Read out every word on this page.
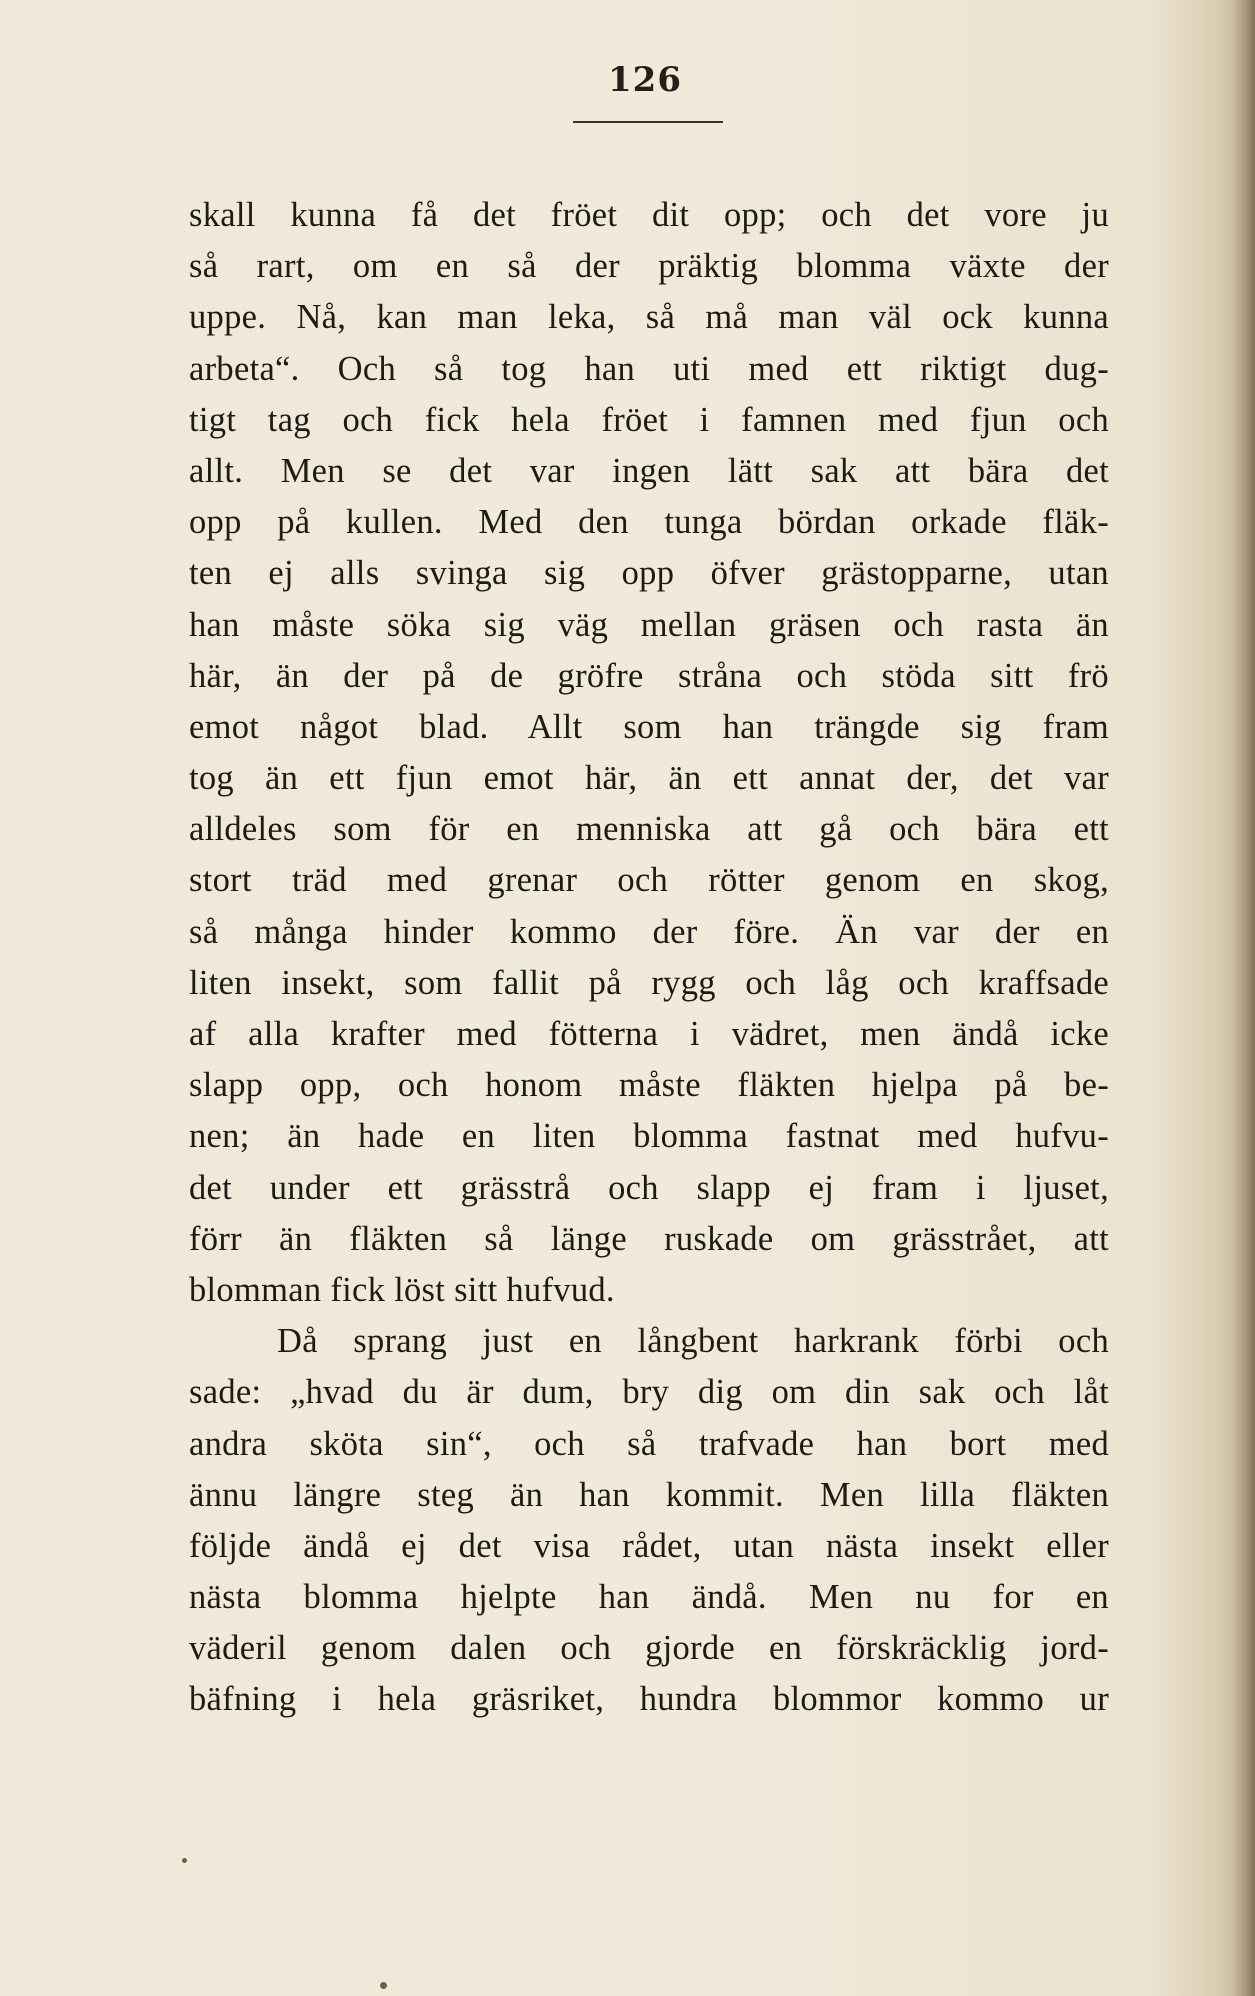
126
skall kunna få det fröet dit opp; och det vore ju
så rart, om en så der präktig blomma växte der
uppe. Nå, kan man leka, så må man väl ock kunna
arbeta“. Och så tog han uti med ett riktigt dug-
tigt tag och fick hela fröet i famnen med fjun och
allt. Men se det var ingen lätt sak att bära det
opp på kullen. Med den tunga bördan orkade fläk-
ten ej alls svinga sig opp öfver grästopparne, utan
han måste söka sig väg mellan gräsen och rasta än
här, än der på de gröfre stråna och stöda sitt frö
emot något blad. Allt som han trängde sig fram
tog än ett fjun emot här, än ett annat der, det var
alldeles som för en menniska att gå och bära ett
stort träd med grenar och rötter genom en skog,
så många hinder kommo der före. Än var der en
liten insekt, som fallit på rygg och låg och kraffsade
af alla krafter med fötterna i vädret, men ändå icke
slapp opp, och honom måste fläkten hjelpa på be-
nen; än hade en liten blomma fastnat med hufvu-
det under ett grässtrå och slapp ej fram i ljuset,
förr än fläkten så länge ruskade om grässtrået, att
blomman fick löst sitt hufvud.
Då sprang just en långbent harkrank förbi och
sade: „hvad du är dum, bry dig om din sak och låt
andra sköta sin“, och så trafvade han bort med
ännu längre steg än han kommit. Men lilla fläkten
följde ändå ej det visa rådet, utan nästa insekt eller
nästa blomma hjelpte han ändå. Men nu for en
väderil genom dalen och gjorde en förskräcklig jord-
bäfning i hela gräsriket, hundra blommor kommo ur
